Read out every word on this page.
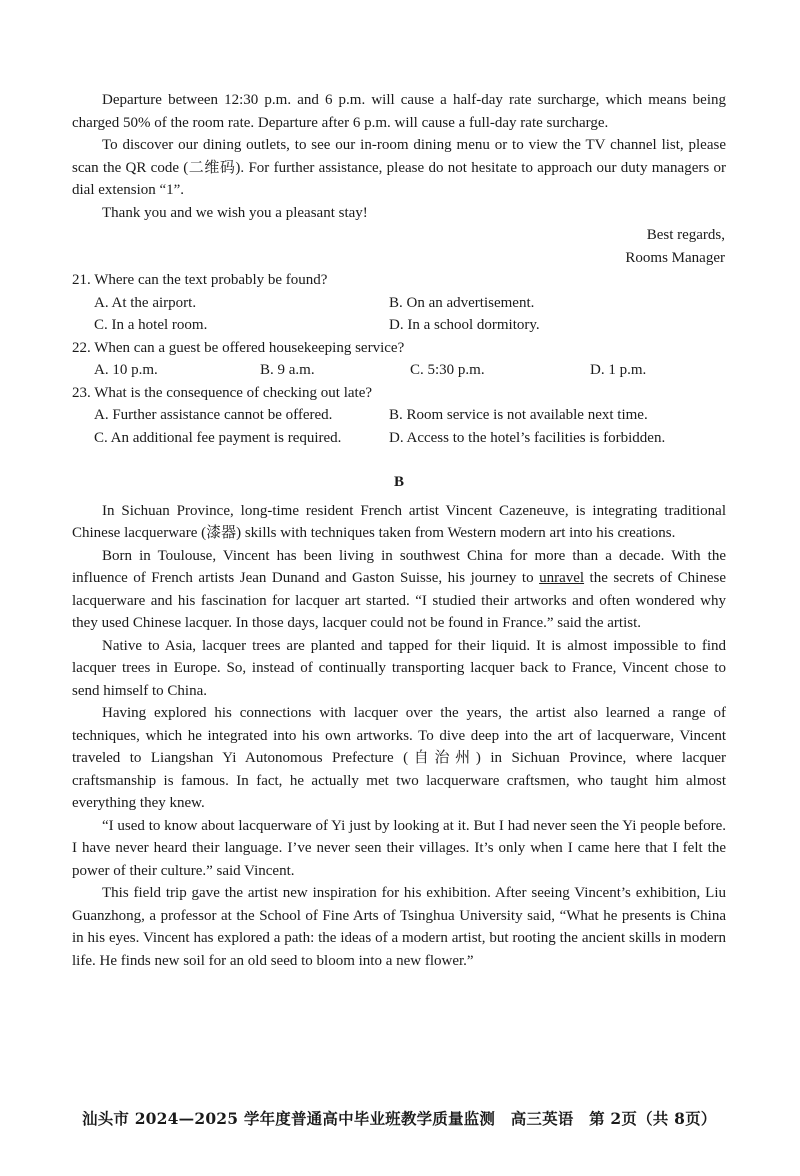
Departure between 12:30 p.m. and 6 p.m. will cause a half-day rate surcharge, which means being charged 50% of the room rate. Departure after 6 p.m. will cause a full-day rate surcharge.

To discover our dining outlets, to see our in-room dining menu or to view the TV channel list, please scan the QR code (二维码). For further assistance, please do not hesitate to approach our duty managers or dial extension “1”.

Thank you and we wish you a pleasant stay!

Best regards,
Rooms Manager
21. Where can the text probably be found?
A. At the airport.	B. On an advertisement.
C. In a hotel room.	D. In a school dormitory.
22. When can a guest be offered housekeeping service?
A. 10 p.m.	B. 9 a.m.	C. 5:30 p.m.	D. 1 p.m.
23. What is the consequence of checking out late?
A. Further assistance cannot be offered.	B. Room service is not available next time.
C. An additional fee payment is required.	D. Access to the hotel’s facilities is forbidden.
B

In Sichuan Province, long-time resident French artist Vincent Cazeneuve, is integrating traditional Chinese lacquerware (漆器) skills with techniques taken from Western modern art into his creations.

Born in Toulouse, Vincent has been living in southwest China for more than a decade. With the influence of French artists Jean Dunand and Gaston Suisse, his journey to unravel the secrets of Chinese lacquerware and his fascination for lacquer art started. “I studied their artworks and often wondered why they used Chinese lacquer. In those days, lacquer could not be found in France.” said the artist.

Native to Asia, lacquer trees are planted and tapped for their liquid. It is almost impossible to find lacquer trees in Europe. So, instead of continually transporting lacquer back to France, Vincent chose to send himself to China.

Having explored his connections with lacquer over the years, the artist also learned a range of techniques, which he integrated into his own artworks. To dive deep into the art of lacquerware, Vincent traveled to Liangshan Yi Autonomous Prefecture (自治州) in Sichuan Province, where lacquer craftsmanship is famous. In fact, he actually met two lacquerware craftsmen, who taught him almost everything they knew.

“I used to know about lacquerware of Yi just by looking at it. But I had never seen the Yi people before. I have never heard their language. I’ve never seen their villages. It’s only when I came here that I felt the power of their culture.” said Vincent.

This field trip gave the artist new inspiration for his exhibition. After seeing Vincent’s exhibition, Liu Guanzhong, a professor at the School of Fine Arts of Tsinghua University said, “What he presents is China in his eyes. Vincent has explored a path: the ideas of a modern artist, but rooting the ancient skills in modern life. He finds new soil for an old seed to bloom into a new flower.”

汕头市 2024—2025 学年度普通高中毕业班教学质量监测 高三英语 第 2页（共 8页）
